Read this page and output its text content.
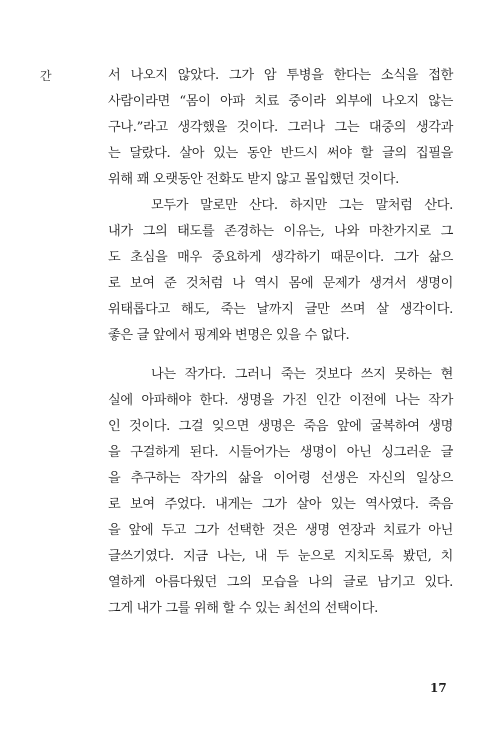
간	서 나오지 않았다. 그가 암 투병을 한다는 소식을 접한
사람이라면 “몸이 아파 치료 중이라 외부에 나오지 않는
구나.”라고 생각했을 것이다. 그러나 그는 대중의 생각과
는 달랐다. 살아 있는 동안 반드시 써야 할 글의 집필을
위해 꽤 오랫동안 전화도 받지 않고 몰입했던 것이다.
모두가 말로만 산다. 하지만 그는 말처럼 산다.
내가 그의 태도를 존경하는 이유는, 나와 마찬가지로 그
도 초심을 매우 중요하게 생각하기 때문이다. 그가 삶으
로 보여 준 것처럼 나 역시 몸에 문제가 생겨서 생명이
위태롭다고 해도, 죽는 날까지 글만 쓰며 살 생각이다.
좋은 글 앞에서 핑계와 변명은 있을 수 없다.
나는 작가다. 그러니 죽는 것보다 쓰지 못하는 현
실에 아파해야 한다. 생명을 가진 인간 이전에 나는 작가
인 것이다. 그걸 잊으면 생명은 죽음 앞에 굴복하여 생명
을 구걸하게 된다. 시들어가는 생명이 아닌 싱그러운 글
을 추구하는 작가의 삶을 이어령 선생은 자신의 일상으
로 보여 주었다. 내게는 그가 살아 있는 역사였다. 죽음
을 앞에 두고 그가 선택한 것은 생명 연장과 치료가 아닌
글쓰기였다. 지금 나는, 내 두 눈으로 지치도록 봤던, 치
열하게 아름다웠던 그의 모습을 나의 글로 남기고 있다.
그게 내가 그를 위해 할 수 있는 최선의 선택이다.
17
